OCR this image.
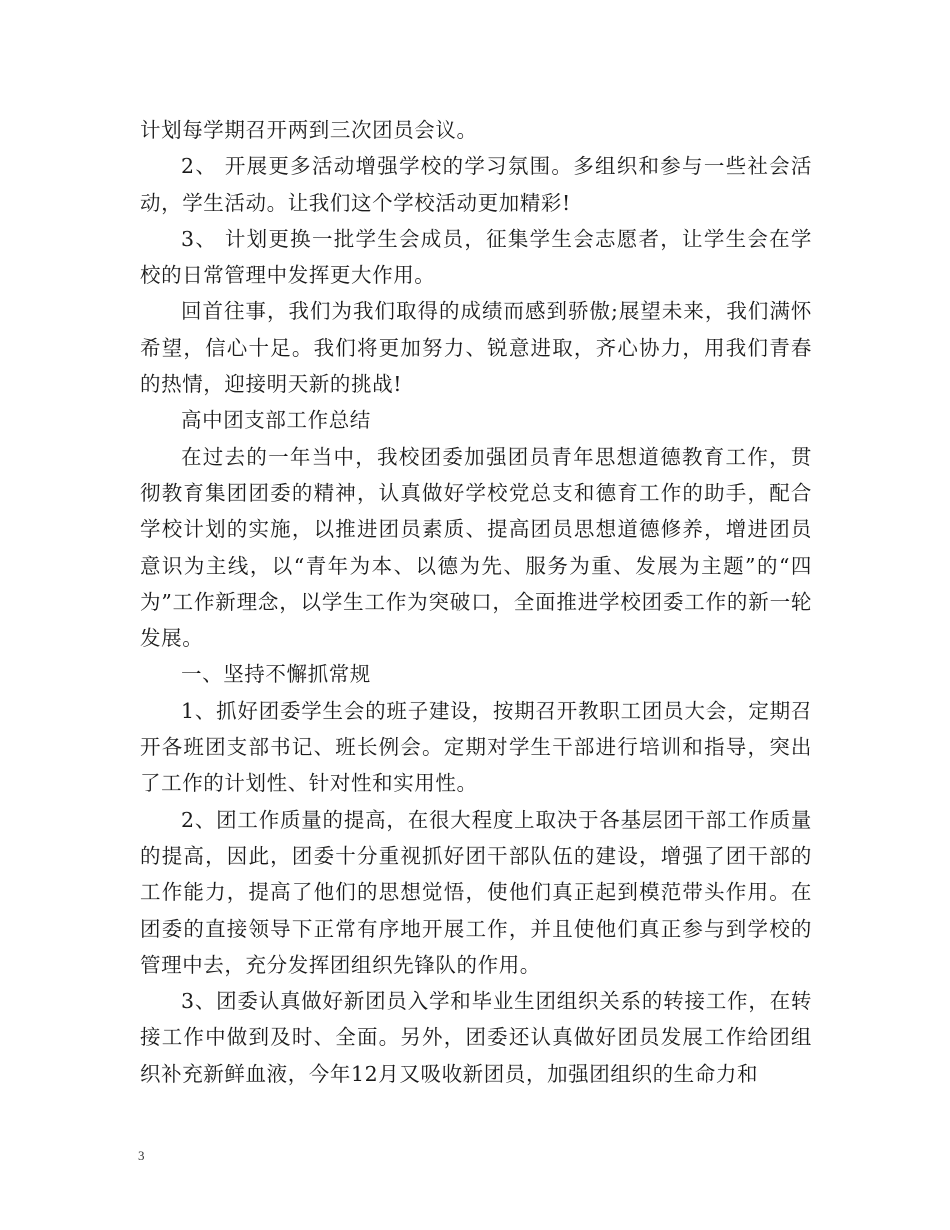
计划每学期召开两到三次团员会议。

2、 开展更多活动增强学校的学习氛围。多组织和参与一些社会活动，学生活动。让我们这个学校活动更加精彩!

3、 计划更换一批学生会成员，征集学生会志愿者，让学生会在学校的日常管理中发挥更大作用。

回首往事，我们为我们取得的成绩而感到骄傲;展望未来，我们满怀希望，信心十足。我们将更加努力、锐意进取，齐心协力，用我们青春的热情，迎接明天新的挑战!

高中团支部工作总结

在过去的一年当中，我校团委加强团员青年思想道德教育工作，贯彻教育集团团委的精神，认真做好学校党总支和德育工作的助手，配合学校计划的实施，以推进团员素质、提高团员思想道德修养，增进团员意识为主线，以“青年为本、以德为先、服务为重、发展为主题”的“四为”工作新理念，以学生工作为突破口，全面推进学校团委工作的新一轮发展。

一、坚持不懈抓常规

1、抓好团委学生会的班子建设，按期召开教职工团员大会，定期召开各班团支部书记、班长例会。定期对学生干部进行培训和指导，突出了工作的计划性、针对性和实用性。

2、团工作质量的提高，在很大程度上取决于各基层团干部工作质量的提高，因此，团委十分重视抓好团干部队伍的建设，增强了团干部的工作能力，提高了他们的思想觉悟，使他们真正起到模范带头作用。在团委的直接领导下正常有序地开展工作，并且使他们真正参与到学校的管理中去，充分发挥团组织先锋队的作用。

3、团委认真做好新团员入学和毕业生团组织关系的转接工作，在转接工作中做到及时、全面。另外，团委还认真做好团员发展工作给团组织补充新鲜血液，今年12月又吸收新团员，加强团组织的生命力和

3
